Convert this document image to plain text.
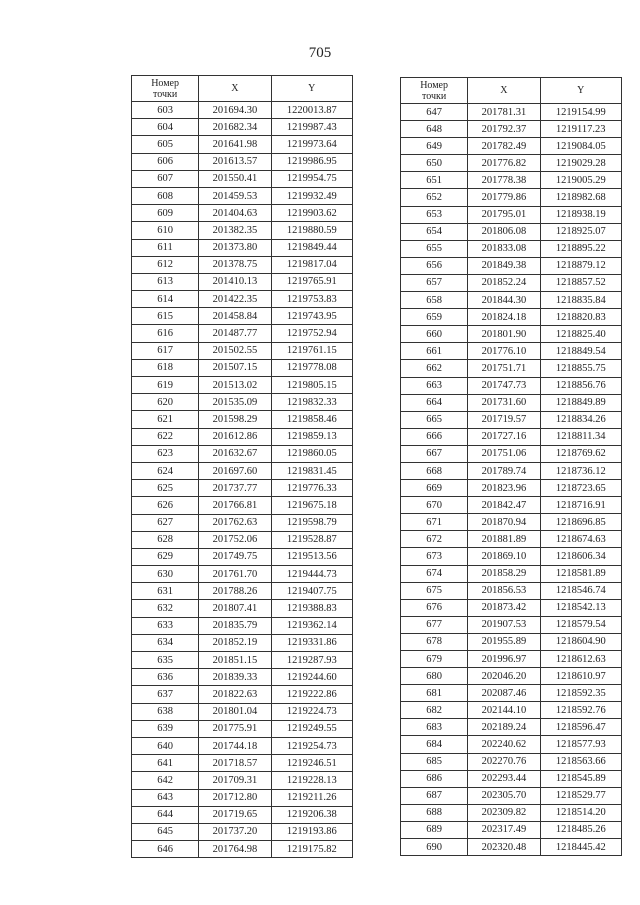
705
Номер
точки	X	Y
603	201694.30	1220013.87
604	201682.34	1219987.43
605	201641.98	1219973.64
606	201613.57	1219986.95
607	201550.41	1219954.75
608	201459.53	1219932.49
609	201404.63	1219903.62
610	201382.35	1219880.59
611	201373.80	1219849.44
612	201378.75	1219817.04
613	201410.13	1219765.91
614	201422.35	1219753.83
615	201458.84	1219743.95
616	201487.77	1219752.94
617	201502.55	1219761.15
618	201507.15	1219778.08
619	201513.02	1219805.15
620	201535.09	1219832.33
621	201598.29	1219858.46
622	201612.86	1219859.13
623	201632.67	1219860.05
624	201697.60	1219831.45
625	201737.77	1219776.33
626	201766.81	1219675.18
627	201762.63	1219598.79
628	201752.06	1219528.87
629	201749.75	1219513.56
630	201761.70	1219444.73
631	201788.26	1219407.75
632	201807.41	1219388.83
633	201835.79	1219362.14
634	201852.19	1219331.86
635	201851.15	1219287.93
636	201839.33	1219244.60
637	201822.63	1219222.86
638	201801.04	1219224.73
639	201775.91	1219249.55
640	201744.18	1219254.73
641	201718.57	1219246.51
642	201709.31	1219228.13
643	201712.80	1219211.26
644	201719.65	1219206.38
645	201737.20	1219193.86
646	201764.98	1219175.82
Номер
точки	X	Y
647	201781.31	1219154.99
648	201792.37	1219117.23
649	201782.49	1219084.05
650	201776.82	1219029.28
651	201778.38	1219005.29
652	201779.86	1218982.68
653	201795.01	1218938.19
654	201806.08	1218925.07
655	201833.08	1218895.22
656	201849.38	1218879.12
657	201852.24	1218857.52
658	201844.30	1218835.84
659	201824.18	1218820.83
660	201801.90	1218825.40
661	201776.10	1218849.54
662	201751.71	1218855.75
663	201747.73	1218856.76
664	201731.60	1218849.89
665	201719.57	1218834.26
666	201727.16	1218811.34
667	201751.06	1218769.62
668	201789.74	1218736.12
669	201823.96	1218723.65
670	201842.47	1218716.91
671	201870.94	1218696.85
672	201881.89	1218674.63
673	201869.10	1218606.34
674	201858.29	1218581.89
675	201856.53	1218546.74
676	201873.42	1218542.13
677	201907.53	1218579.54
678	201955.89	1218604.90
679	201996.97	1218612.63
680	202046.20	1218610.97
681	202087.46	1218592.35
682	202144.10	1218592.76
683	202189.24	1218596.47
684	202240.62	1218577.93
685	202270.76	1218563.66
686	202293.44	1218545.89
687	202305.70	1218529.77
688	202309.82	1218514.20
689	202317.49	1218485.26
690	202320.48	1218445.42
